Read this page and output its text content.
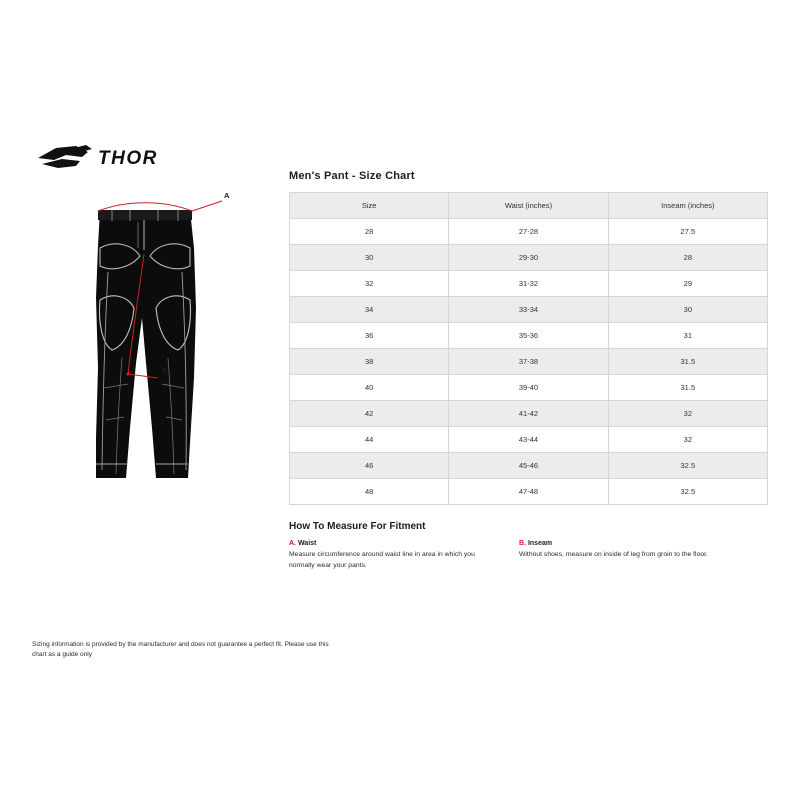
THOR
A
B
Sizing information is provided by the manufacturer and does not guarantee a perfect fit. Please use this chart as a guide only
Men's Pant - Size Chart
Size	Waist (inches)	Inseam (inches)
28	27-28	27.5
30	29-30	28
32	31-32	29
34	33-34	30
36	35-36	31
38	37-38	31.5
40	39-40	31.5
42	41-42	32
44	43-44	32
46	45-46	32.5
48	47-48	32.5
How To Measure For Fitment
A. Waist
Measure circumference around waist line in area in which you normally wear your pants.
B. Inseam
Without shoes, measure on inside of leg from groin to the floor.
